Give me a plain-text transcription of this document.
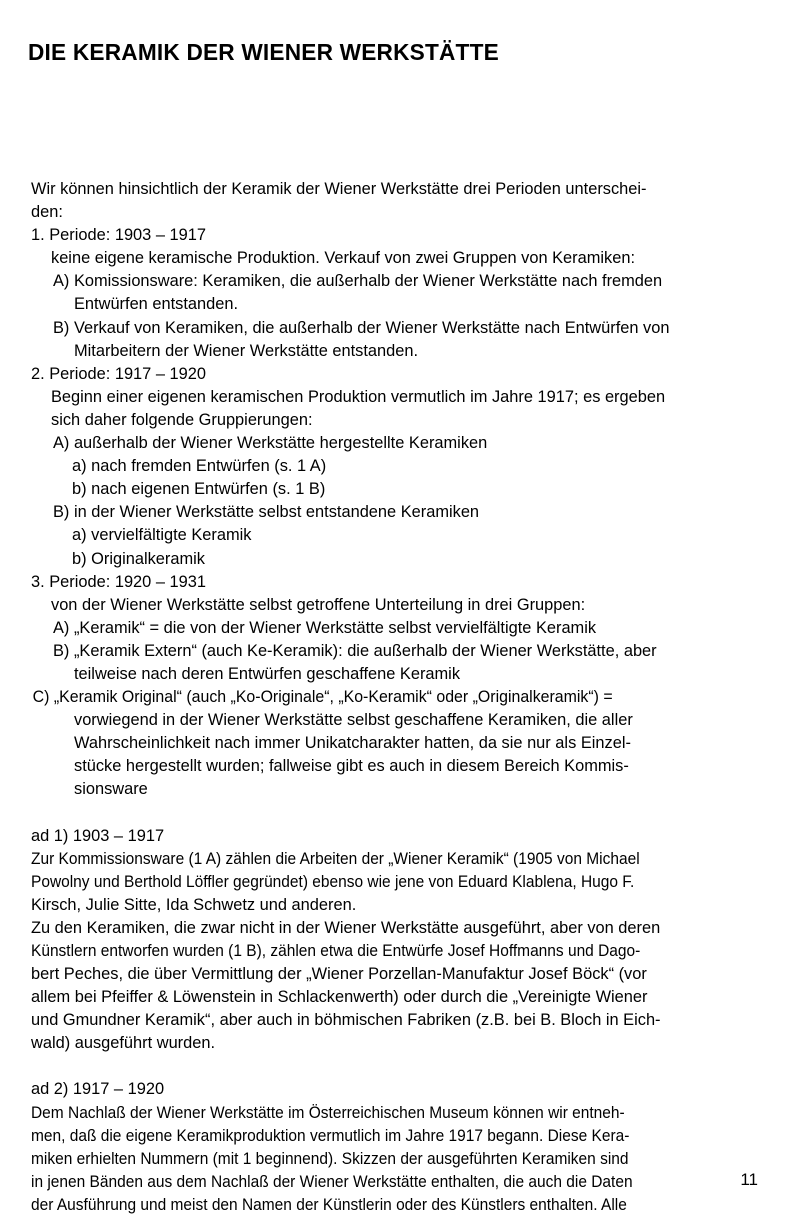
DIE KERAMIK DER WIENER WERKSTÄTTE
Wir können hinsichtlich der Keramik der Wiener Werkstätte drei Perioden unterschei-
den:
1. Periode: 1903 – 1917
keine eigene keramische Produktion. Verkauf von zwei Gruppen von Keramiken:
A) Komissionsware: Keramiken, die außerhalb der Wiener Werkstätte nach fremden
Entwürfen entstanden.
B) Verkauf von Keramiken, die außerhalb der Wiener Werkstätte nach Entwürfen von
Mitarbeitern der Wiener Werkstätte entstanden.
2. Periode: 1917 – 1920
Beginn einer eigenen keramischen Produktion vermutlich im Jahre 1917; es ergeben
sich daher folgende Gruppierungen:
A) außerhalb der Wiener Werkstätte hergestellte Keramiken
a) nach fremden Entwürfen (s. 1 A)
b) nach eigenen Entwürfen (s. 1 B)
B) in der Wiener Werkstätte selbst entstandene Keramiken
a) vervielfältigte Keramik
b) Originalkeramik
3. Periode: 1920 – 1931
von der Wiener Werkstätte selbst getroffene Unterteilung in drei Gruppen:
A) „Keramik“ = die von der Wiener Werkstätte selbst vervielfältigte Keramik
B) „Keramik Extern“ (auch Ke-Keramik): die außerhalb der Wiener Werkstätte, aber
teilweise nach deren Entwürfen geschaffene Keramik
C) „Keramik Original“ (auch „Ko-Originale“, „Ko-Keramik“ oder „Originalkeramik“) =
vorwiegend in der Wiener Werkstätte selbst geschaffene Keramiken, die aller
Wahrscheinlichkeit nach immer Unikatcharakter hatten, da sie nur als Einzel-
stücke hergestellt wurden; fallweise gibt es auch in diesem Bereich Kommis-
sionsware
ad 1) 1903 – 1917
Zur Kommissionsware (1 A) zählen die Arbeiten der „Wiener Keramik“ (1905 von Michael
Powolny und Berthold Löffler gegründet) ebenso wie jene von Eduard Klablena, Hugo F.
Kirsch, Julie Sitte, Ida Schwetz und anderen.
Zu den Keramiken, die zwar nicht in der Wiener Werkstätte ausgeführt, aber von deren
Künstlern entworfen wurden (1 B), zählen etwa die Entwürfe Josef Hoffmanns und Dago-
bert Peches, die über Vermittlung der „Wiener Porzellan-Manufaktur Josef Böck“ (vor
allem bei Pfeiffer & Löwenstein in Schlackenwerth) oder durch die „Vereinigte Wiener
und Gmundner Keramik“, aber auch in böhmischen Fabriken (z.B. bei B. Bloch in Eich-
wald) ausgeführt wurden.
ad 2) 1917 – 1920
Dem Nachlaß der Wiener Werkstätte im Österreichischen Museum können wir entneh-
men, daß die eigene Keramikproduktion vermutlich im Jahre 1917 begann. Diese Kera-
miken erhielten Nummern (mit 1 beginnend). Skizzen der ausgeführten Keramiken sind
in jenen Bänden aus dem Nachlaß der Wiener Werkstätte enthalten, die auch die Daten
der Ausführung und meist den Namen der Künstlerin oder des Künstlers enthalten. Alle
11
